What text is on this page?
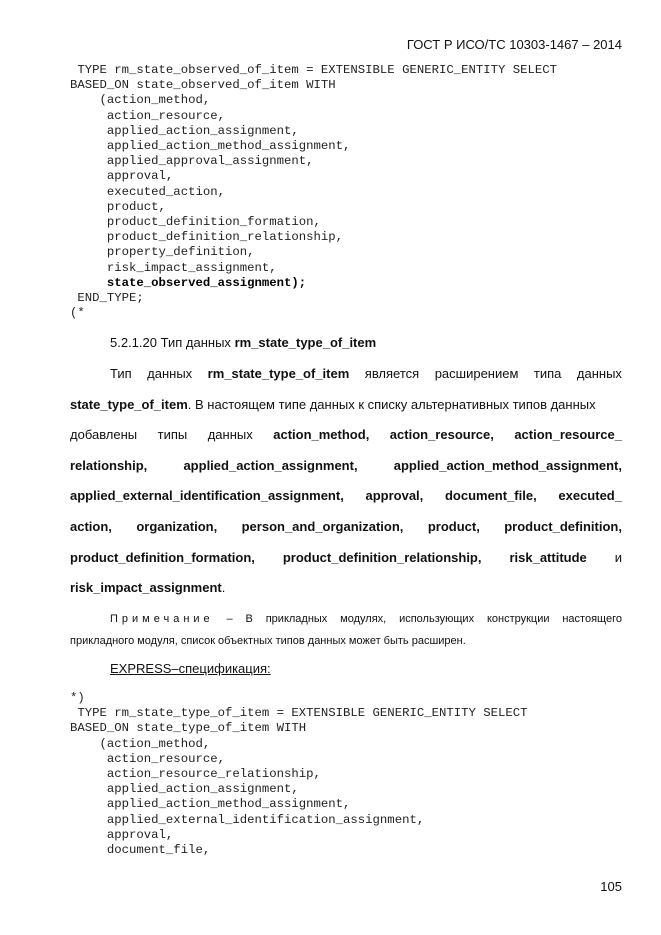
ГОСТ Р ИСО/ТС 10303-1467 – 2014
TYPE rm_state_observed_of_item = EXTENSIBLE GENERIC_ENTITY SELECT
BASED_ON state_observed_of_item WITH
(action_method,
action_resource,
applied_action_assignment,
applied_action_method_assignment,
applied_approval_assignment,
approval,
executed_action,
product,
product_definition_formation,
product_definition_relationship,
property_definition,
risk_impact_assignment,
state_observed_assignment);
END_TYPE;
(*
5.2.1.20 Тип данных rm_state_type_of_item
Тип данных rm_state_type_of_item является расширением типа данных
state_type_of_item. В настоящем типе данных к списку альтернативных типов данных
добавлены типы данных action_method, action_resource, action_resource_
relationship,	applied_action_assignment,	applied_action_method_assignment,
applied_external_identification_assignment, approval, document_file, executed_
action, organization, person_and_organization, product, product_definition,
product_definition_formation, product_definition_relationship, risk_attitude и
risk_impact_assignment.
Примечание – В прикладных модулях, использующих конструкции настоящего
прикладного модуля, список объектных типов данных может быть расширен.
EXPRESS–спецификация:
*)
TYPE rm_state_type_of_item = EXTENSIBLE GENERIC_ENTITY SELECT
BASED_ON state_type_of_item WITH
(action_method,
action_resource,
action_resource_relationship,
applied_action_assignment,
applied_action_method_assignment,
applied_external_identification_assignment,
approval,
document_file,
105
